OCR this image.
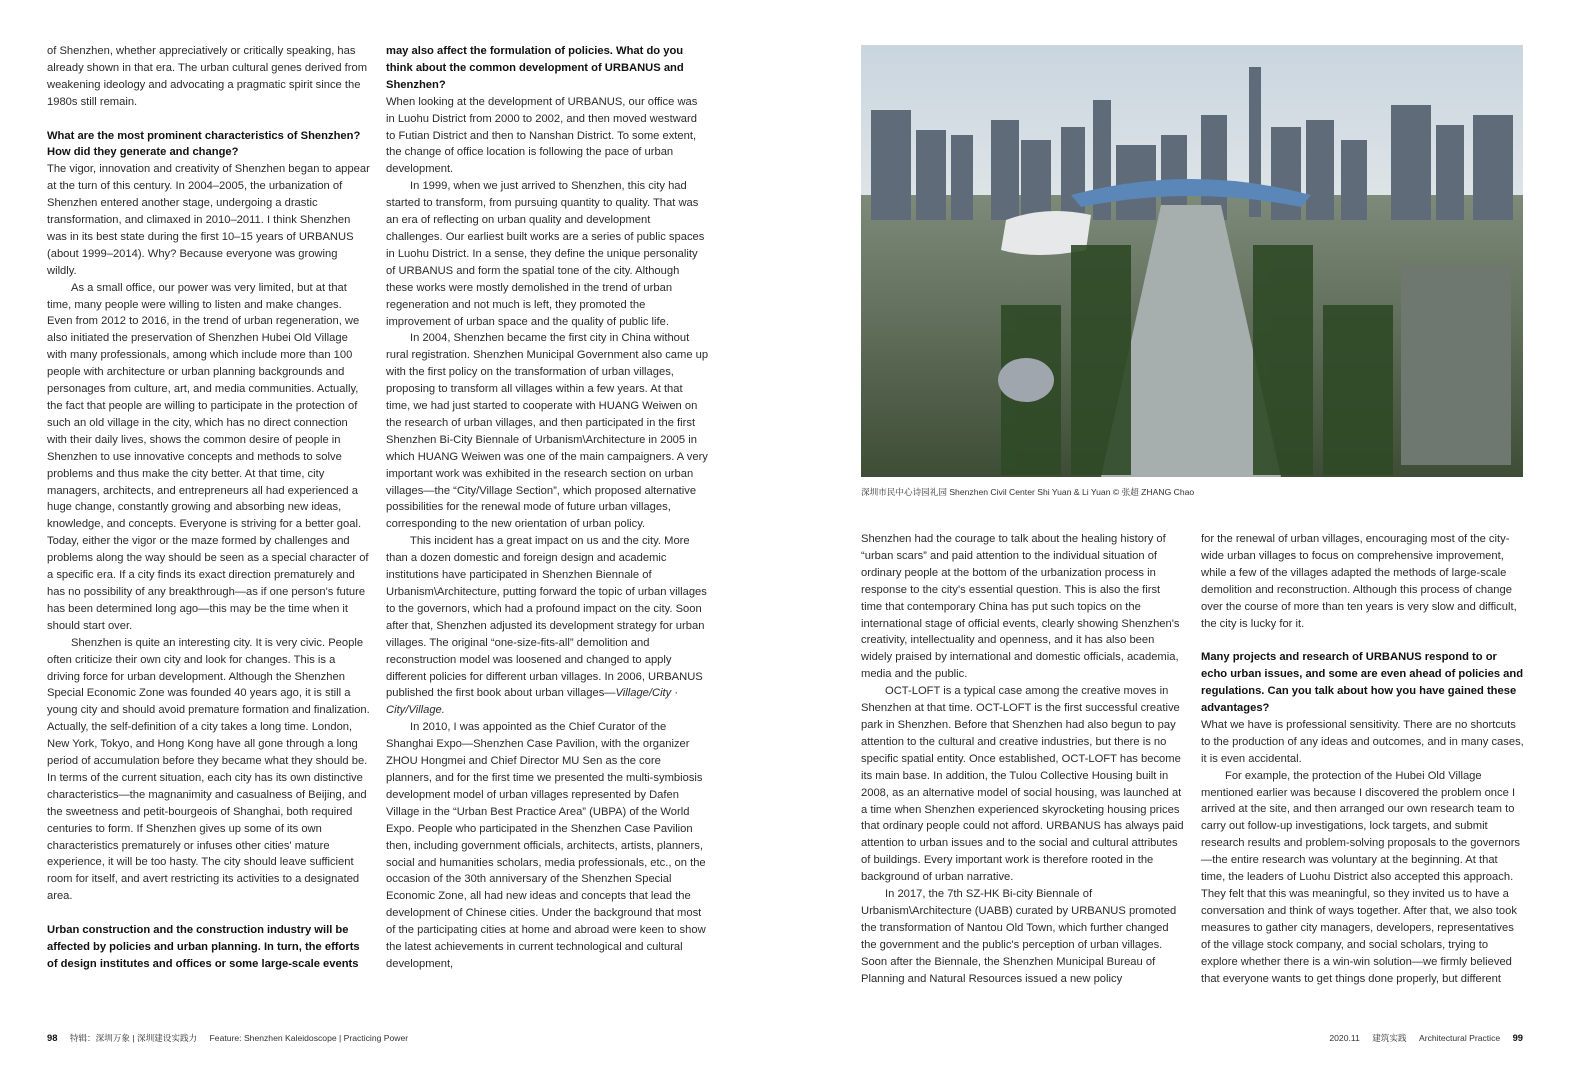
of Shenzhen, whether appreciatively or critically speaking, has already shown in that era. The urban cultural genes derived from weakening ideology and advocating a pragmatic spirit since the 1980s still remain.

What are the most prominent characteristics of Shenzhen? How did they generate and change?

The vigor, innovation and creativity of Shenzhen began to appear at the turn of this century. In 2004–2005, the urbanization of Shenzhen entered another stage, undergoing a drastic transformation, and climaxed in 2010–2011. I think Shenzhen was in its best state during the first 10–15 years of URBANUS (about 1999–2014). Why? Because everyone was growing wildly.

As a small office, our power was very limited, but at that time, many people were willing to listen and make changes. Even from 2012 to 2016, in the trend of urban regeneration, we also initiated the preservation of Shenzhen Hubei Old Village with many professionals, among which include more than 100 people with architecture or urban planning backgrounds and personages from culture, art, and media communities. Actually, the fact that people are willing to participate in the protection of such an old village in the city, which has no direct connection with their daily lives, shows the common desire of people in Shenzhen to use innovative concepts and methods to solve problems and thus make the city better. At that time, city managers, architects, and entrepreneurs all had experienced a huge change, constantly growing and absorbing new ideas, knowledge, and concepts. Everyone is striving for a better goal. Today, either the vigor or the maze formed by challenges and problems along the way should be seen as a special character of a specific era. If a city finds its exact direction prematurely and has no possibility of any breakthrough—as if one person's future has been determined long ago—this may be the time when it should start over.

Shenzhen is quite an interesting city. It is very civic. People often criticize their own city and look for changes. This is a driving force for urban development. Although the Shenzhen Special Economic Zone was founded 40 years ago, it is still a young city and should avoid premature formation and finalization. Actually, the self-definition of a city takes a long time. London, New York, Tokyo, and Hong Kong have all gone through a long period of accumulation before they became what they should be. In terms of the current situation, each city has its own distinctive characteristics—the magnanimity and casualness of Beijing, and the sweetness and petit-bourgeois of Shanghai, both required centuries to form. If Shenzhen gives up some of its own characteristics prematurely or infuses other cities' mature experience, it will be too hasty. The city should leave sufficient room for itself, and avert restricting its activities to a designated area.

Urban construction and the construction industry will be affected by policies and urban planning. In turn, the efforts of design institutes and offices or some large-scale events

may also affect the formulation of policies. What do you think about the common development of URBANUS and Shenzhen?

When looking at the development of URBANUS, our office was in Luohu District from 2000 to 2002, and then moved westward to Futian District and then to Nanshan District. To some extent, the change of office location is following the pace of urban development.

In 1999, when we just arrived to Shenzhen, this city had started to transform, from pursuing quantity to quality. That was an era of reflecting on urban quality and development challenges. Our earliest built works are a series of public spaces in Luohu District. In a sense, they define the unique personality of URBANUS and form the spatial tone of the city. Although these works were mostly demolished in the trend of urban regeneration and not much is left, they promoted the improvement of urban space and the quality of public life.

In 2004, Shenzhen became the first city in China without rural registration. Shenzhen Municipal Government also came up with the first policy on the transformation of urban villages, proposing to transform all villages within a few years. At that time, we had just started to cooperate with HUANG Weiwen on the research of urban villages, and then participated in the first Shenzhen Bi-City Biennale of Urbanism\Architecture in 2005 in which HUANG Weiwen was one of the main campaigners. A very important work was exhibited in the research section on urban villages—the “City/Village Section”, which proposed alternative possibilities for the renewal mode of future urban villages, corresponding to the new orientation of urban policy.

This incident has a great impact on us and the city. More than a dozen domestic and foreign design and academic institutions have participated in Shenzhen Biennale of Urbanism\Architecture, putting forward the topic of urban villages to the governors, which had a profound impact on the city. Soon after that, Shenzhen adjusted its development strategy for urban villages. The original “one-size-fits-all” demolition and reconstruction model was loosened and changed to apply different policies for different urban villages. In 2006, URBANUS published the first book about urban villages—Village/City · City/Village.

In 2010, I was appointed as the Chief Curator of the Shanghai Expo—Shenzhen Case Pavilion, with the organizer ZHOU Hongmei and Chief Director MU Sen as the core planners, and for the first time we presented the multi-symbiosis development model of urban villages represented by Dafen Village in the “Urban Best Practice Area” (UBPA) of the World Expo. People who participated in the Shenzhen Case Pavilion then, including government officials, architects, artists, planners, social and humanities scholars, media professionals, etc., on the occasion of the 30th anniversary of the Shenzhen Special Economic Zone, all had new ideas and concepts that lead the development of Chinese cities. Under the background that most of the participating cities at home and abroad were keen to show the latest achievements in current technological and cultural development,

深圳市民中心诗园礼园 Shenzhen Civil Center Shi Yuan & Li Yuan © 张超 ZHANG Chao

Shenzhen had the courage to talk about the healing history of “urban scars” and paid attention to the individual situation of ordinary people at the bottom of the urbanization process in response to the city's essential question. This is also the first time that contemporary China has put such topics on the international stage of official events, clearly showing Shenzhen's creativity, intellectuality and openness, and it has also been widely praised by international and domestic officials, academia, media and the public.

OCT-LOFT is a typical case among the creative moves in Shenzhen at that time. OCT-LOFT is the first successful creative park in Shenzhen. Before that Shenzhen had also begun to pay attention to the cultural and creative industries, but there is no specific spatial entity. Once established, OCT-LOFT has become its main base. In addition, the Tulou Collective Housing built in 2008, as an alternative model of social housing, was launched at a time when Shenzhen experienced skyrocketing housing prices that ordinary people could not afford. URBANUS has always paid attention to urban issues and to the social and cultural attributes of buildings. Every important work is therefore rooted in the background of urban narrative.

In 2017, the 7th SZ-HK Bi-city Biennale of Urbanism\Architecture (UABB) curated by URBANUS promoted the transformation of Nantou Old Town, which further changed the government and the public's perception of urban villages. Soon after the Biennale, the Shenzhen Municipal Bureau of Planning and Natural Resources issued a new policy

for the renewal of urban villages, encouraging most of the city-wide urban villages to focus on comprehensive improvement, while a few of the villages adapted the methods of large-scale demolition and reconstruction. Although this process of change over the course of more than ten years is very slow and difficult, the city is lucky for it.

Many projects and research of URBANUS respond to or echo urban issues, and some are even ahead of policies and regulations. Can you talk about how you have gained these advantages?

What we have is professional sensitivity. There are no shortcuts to the production of any ideas and outcomes, and in many cases, it is even accidental.

For example, the protection of the Hubei Old Village mentioned earlier was because I discovered the problem once I arrived at the site, and then arranged our own research team to carry out follow-up investigations, lock targets, and submit research results and problem-solving proposals to the governors—the entire research was voluntary at the beginning. At that time, the leaders of Luohu District also accepted this approach. They felt that this was meaningful, so they invited us to have a conversation and think of ways together. After that, we also took measures to gather city managers, developers, representatives of the village stock company, and social scholars, trying to explore whether there is a win-win solution—we firmly believed that everyone wants to get things done properly, but different

98 特辑：深圳万象 | 深圳建设实践力 Feature: Shenzhen Kaleidoscope | Practicing Power	2020.11 建筑实践 Architectural Practice 99
